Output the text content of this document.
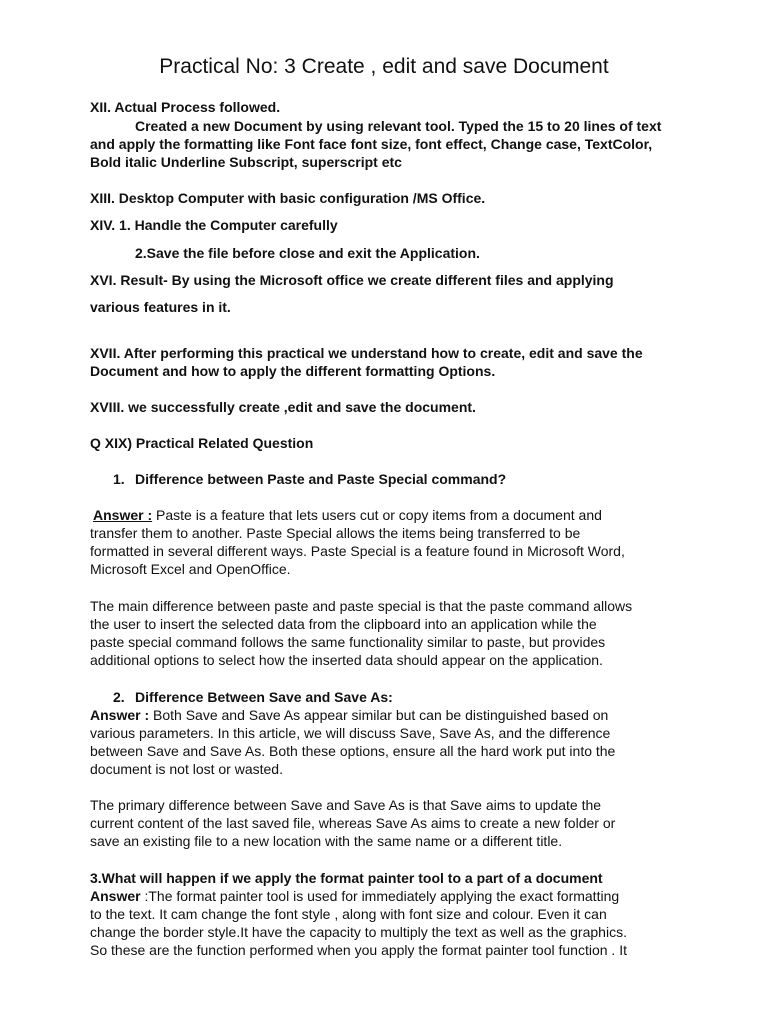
Practical No: 3 Create , edit and save Document
XII. Actual Process followed.
Created a new Document by using relevant tool. Typed the 15 to 20 lines of text
and apply the formatting like Font face font size, font effect, Change case, TextColor,
Bold italic Underline Subscript, superscript etc
XIII. Desktop Computer with basic configuration /MS Office.
XIV. 1. Handle the Computer carefully
2.Save the file before close and exit the Application.
XVI. Result- By using the Microsoft office we create different files and applying
various features in it.
XVII. After performing this practical we understand how to create, edit and save the
Document and how to apply the different formatting Options.
XVIII. we successfully create ,edit and save the document.
Q XIX) Practical Related Question
1. Difference between Paste and Paste Special command?
Answer : Paste is a feature that lets users cut or copy items from a document and
transfer them to another. Paste Special allows the items being transferred to be
formatted in several different ways. Paste Special is a feature found in Microsoft Word,
Microsoft Excel and OpenOffice.
The main difference between paste and paste special is that the paste command allows
the user to insert the selected data from the clipboard into an application while the
paste special command follows the same functionality similar to paste, but provides
additional options to select how the inserted data should appear on the application.
2. Difference Between Save and Save As:
Answer : Both Save and Save As appear similar but can be distinguished based on
various parameters. In this article, we will discuss Save, Save As, and the difference
between Save and Save As. Both these options, ensure all the hard work put into the
document is not lost or wasted.
The primary difference between Save and Save As is that Save aims to update the
current content of the last saved file, whereas Save As aims to create a new folder or
save an existing file to a new location with the same name or a different title.
3.What will happen if we apply the format painter tool to a part of a document
Answer :The format painter tool is used for immediately applying the exact formatting
to the text. It cam change the font style , along with font size and colour. Even it can
change the border style.It have the capacity to multiply the text as well as the graphics.
So these are the function performed when you apply the format painter tool function . It
